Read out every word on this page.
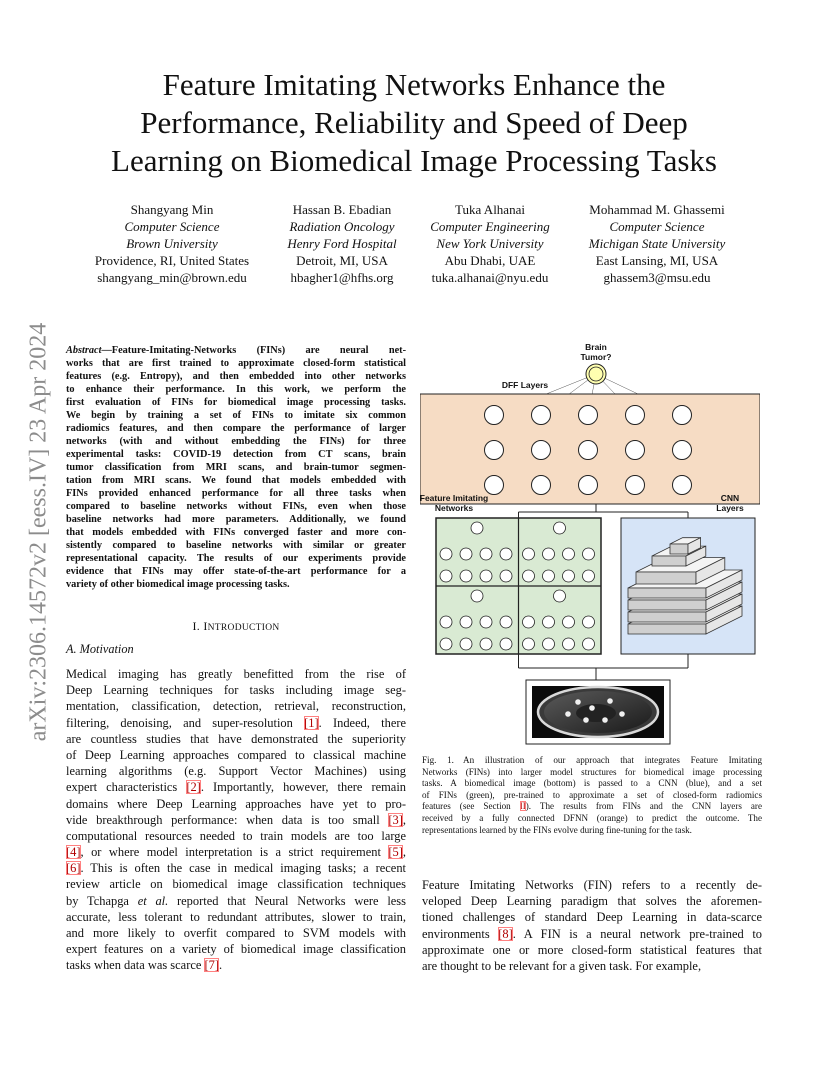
arXiv:2306.14572v2 [eess.IV] 23 Apr 2024
Feature Imitating Networks Enhance the
Performance, Reliability and Speed of Deep
Learning on Biomedical Image Processing Tasks
Shangyang Min
Computer Science
Brown University
Providence, RI, United States
shangyang_min@brown.edu
Hassan B. Ebadian
Radiation Oncology
Henry Ford Hospital
Detroit, MI, USA
hbagher1@hfhs.org
Tuka Alhanai
Computer Engineering
New York University
Abu Dhabi, UAE
tuka.alhanai@nyu.edu
Mohammad M. Ghassemi
Computer Science
Michigan State University
East Lansing, MI, USA
ghassem3@msu.edu
Abstract—Feature-Imitating-Networks (FINs) are neural net-
works that are first trained to approximate closed-form statistical
features (e.g. Entropy), and then embedded into other networks
to enhance their performance. In this work, we perform the
first evaluation of FINs for biomedical image processing tasks.
We begin by training a set of FINs to imitate six common
radiomics features, and then compare the performance of larger
networks (with and without embedding the FINs) for three
experimental tasks: COVID-19 detection from CT scans, brain
tumor classification from MRI scans, and brain-tumor segmen-
tation from MRI scans. We found that models embedded with
FINs provided enhanced performance for all three tasks when
compared to baseline networks without FINs, even when those
baseline networks had more parameters. Additionally, we found
that models embedded with FINs converged faster and more con-
sistently compared to baseline networks with similar or greater
representational capacity. The results of our experiments provide
evidence that FINs may offer state-of-the-art performance for a
variety of other biomedical image processing tasks.
I. INTRODUCTION
A. Motivation
Medical imaging has greatly benefitted from the rise of
Deep Learning techniques for tasks including image seg-
mentation, classification, detection, retrieval, reconstruction,
filtering, denoising, and super-resolution [1]. Indeed, there
are countless studies that have demonstrated the superiority
of Deep Learning approaches compared to classical machine
learning algorithms (e.g. Support Vector Machines) using
expert characteristics [2]. Importantly, however, there remain
domains where Deep Learning approaches have yet to pro-
vide breakthrough performance: when data is too small [3],
computational resources needed to train models are too large
[4], or where model interpretation is a strict requirement [5],
[6]. This is often the case in medical imaging tasks; a recent
review article on biomedical image classification techniques
by Tchapga et al. reported that Neural Networks were less
accurate, less tolerant to redundant attributes, slower to train,
and more likely to overfit compared to SVM models with
expert features on a variety of biomedical image classification
tasks when data was scarce [7].
Brain
Tumor?
DFF Layers
Feature Imitating
Networks
CNN
Layers
Fig. 1. An illustration of our approach that integrates Feature Imitating
Networks (FINs) into larger model structures for biomedical image processing
tasks. A biomedical image (bottom) is passed to a CNN (blue), and a set
of FINs (green), pre-trained to approximate a set of closed-form radiomics
features (see Section II). The results from FINs and the CNN layers are
received by a fully connected DFNN (orange) to predict the outcome. The
representations learned by the FINs evolve during fine-tuning for the task.
Feature Imitating Networks (FIN) refers to a recently de-
veloped Deep Learning paradigm that solves the aforemen-
tioned challenges of standard Deep Learning in data-scarce
environments [8]. A FIN is a neural network pre-trained to
approximate one or more closed-form statistical features that
are thought to be relevant for a given task. For example,
